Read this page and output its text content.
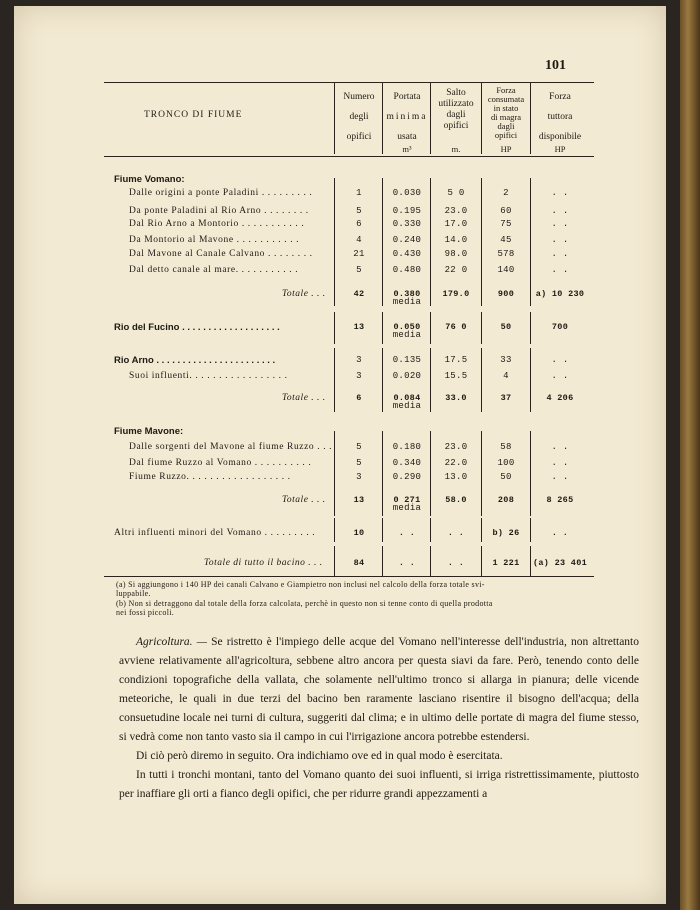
101
TRONCO DI FIUME
Numero
degli
opifici
Portata
minima
usata
Salto
utilizzato
dagli
opifici
Forza
consumata
in stato
di magra
dagli
opifici
Forza
tuttora
disponibile
m³	m.	HP	HP
Fiume Vomano:
Dalle origini a ponte Paladini . . . . . . . . .	1	0.030	5 0	2	. .
Da ponte Paladini al Rio Arno . . . . . . . .	5	0.195	23.0	60	. .
Dal Rio Arno a Montorio . . . . . . . . . . .	6	0.330	17.0	75	. .
Da Montorio al Mavone . . . . . . . . . . .	4	0.240	14.0	45	. .
Dal Mavone al Canale Calvano . . . . . . . .	21	0.430	98.0	578	. .
Dal detto canale al mare. . . . . . . . . . .	5	0.480	22 0	140	. .
Totale . . .	42	0.380	179.0	900	a) 10 230
media
Rio del Fucino . . . . . . . . . . . . . . . . . . .	13	0.050	76 0	50	700
media
Rio Arno . . . . . . . . . . . . . . . . . . . . . . .	3	0.135	17.5	33	. .
Suoi influenti. . . . . . . . . . . . . . . . .	3	0.020	15.5	4	. .
Totale . . .	6	0.084	33.0	37	4 206
media
Fiume Mavone:
Dalle sorgenti del Mavone al fiume Ruzzo . . .	5	0.180	23.0	58	. .
Dal fiume Ruzzo al Vomano . . . . . . . . . .	5	0.340	22.0	100	. .
Fiume Ruzzo. . . . . . . . . . . . . . . . . .	3	0.290	13.0	50	. .
Totale . . .	13	0 271	58.0	208	8 265
media
Altri influenti minori del Vomano . . . . . . . . .	10	. .	. .	b) 26	. .
Totale di tutto il bacino . . .	84	. .	. .	1 221	(a) 23 401
(a) Si aggiungono i 140 HP dei canali Calvano e Giampietro non inclusi nel calcolo della forza totale svi-
luppabile.
(b) Non si detraggono dal totale della forza calcolata, perchè in questo non si tenne conto di quella prodotta
nei fossi piccoli.

Agricoltura. — Se ristretto è l'impiego delle acque del Vomano nell'interesse dell'industria, non altrettanto avviene relativamente all'agricoltura, sebbene altro ancora per questa siavi da fare. Però, tenendo conto delle condizioni topografiche della vallata, che solamente nell'ultimo tronco si allarga in pianura; delle vicende meteoriche, le quali in due terzi del bacino ben raramente lasciano risentire il bisogno dell'acqua; della consuetudine locale nei turni di cultura, suggeriti dal clima; e in ultimo delle portate di magra del fiume stesso, si vedrà come non tanto vasto sia il campo in cui l'irrigazione ancora potrebbe estendersi.

Di ciò però diremo in seguito. Ora indichiamo ove ed in qual modo è esercitata.

In tutti i tronchi montani, tanto del Vomano quanto dei suoi influenti, si irriga ristrettissimamente, piuttosto per inaffiare gli orti a fianco degli opifici, che per ridurre grandi appezzamenti a
